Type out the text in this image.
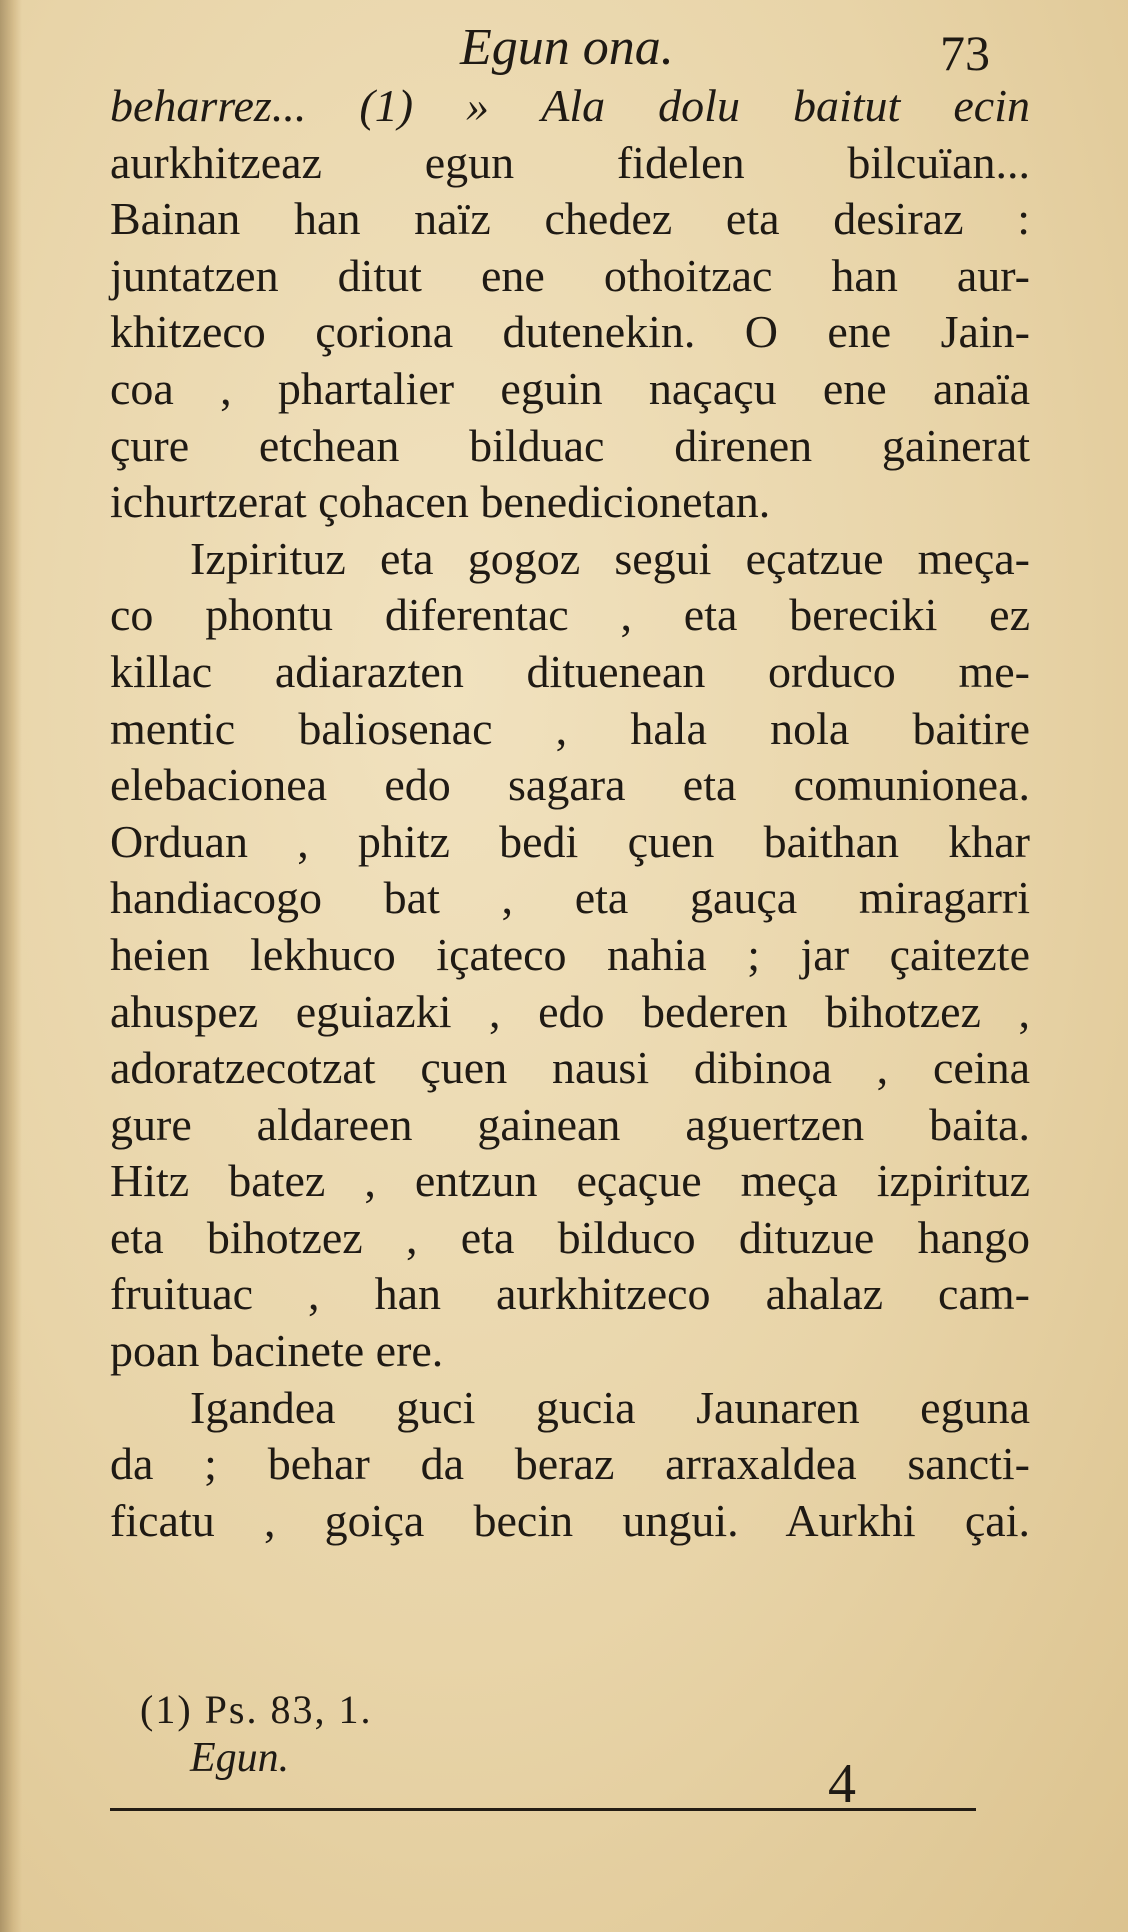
Egun ona.	73
beharrez... (1) » Ala dolu baitut ecin
aurkhitzeaz egun fidelen bilcuïan...
Bainan han naïz chedez eta desiraz :
juntatzen ditut ene othoitzac han aur-
khitzeco çoriona dutenekin. O ene Jain-
coa , phartalier eguin naçaçu ene anaïa
çure etchean bilduac direnen gainerat
ichurtzerat çohacen benedicionetan.
Izpirituz eta gogoz segui eçatzue meça-
co phontu diferentac , eta bereciki ez
killac adiarazten dituenean orduco me-
mentic baliosenac , hala nola baitire
elebacionea edo sagara eta comunionea.
Orduan , phitz bedi çuen baithan khar
handiacogo bat , eta gauça miragarri
heien lekhuco içateco nahia ; jar çaitezte
ahuspez eguiazki , edo bederen bihotzez ,
adoratzecotzat çuen nausi dibinoa , ceina
gure aldareen gainean aguertzen baita.
Hitz batez , entzun eçaçue meça izpirituz
eta bihotzez , eta bilduco dituzue hango
fruituac , han aurkhitzeco ahalaz cam-
poan bacinete ere.
Igandea guci gucia Jaunaren eguna
da ; behar da beraz arraxaldea sancti-
ficatu , goiça becin ungui. Aurkhi çai.
(1) Ps. 83, 1.
Egun.	4
